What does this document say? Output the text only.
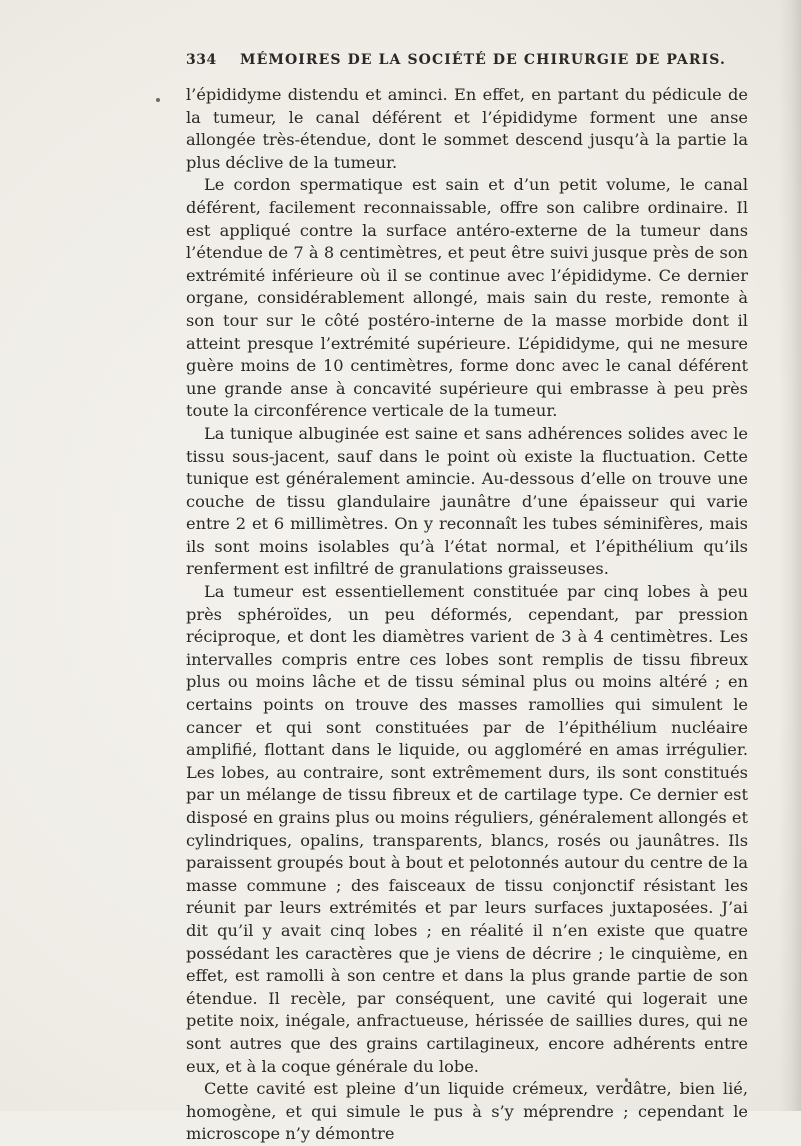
334 MÉMOIRES DE LA SOCIÉTÉ DE CHIRURGIE DE PARIS.

l’épididyme distendu et aminci. En effet, en partant du pédicule de la tumeur, le canal déférent et l’épididyme forment une anse allongée très-étendue, dont le sommet descend jusqu’à la partie la plus déclive de la tumeur.

Le cordon spermatique est sain et d’un petit volume, le canal déférent, facilement reconnaissable, offre son calibre ordinaire. Il est appliqué contre la surface antéro-externe de la tumeur dans l’étendue de 7 à 8 centimètres, et peut être suivi jusque près de son extrémité inférieure où il se continue avec l’épididyme. Ce dernier organe, considérablement allongé, mais sain du reste, remonte à son tour sur le côté postéro-interne de la masse morbide dont il atteint presque l’extrémité supérieure. L’épididyme, qui ne mesure guère moins de 10 centimètres, forme donc avec le canal déférent une grande anse à concavité supérieure qui embrasse à peu près toute la circonférence verticale de la tumeur.

La tunique albuginée est saine et sans adhérences solides avec le tissu sous-jacent, sauf dans le point où existe la fluctuation. Cette tunique est généralement amincie. Au-dessous d’elle on trouve une couche de tissu glandulaire jaunâtre d’une épaisseur qui varie entre 2 et 6 millimètres. On y reconnaît les tubes séminifères, mais ils sont moins isolables qu’à l’état normal, et l’épithélium qu’ils renferment est infiltré de granulations graisseuses.

La tumeur est essentiellement constituée par cinq lobes à peu près sphéroïdes, un peu déformés, cependant, par pression réciproque, et dont les diamètres varient de 3 à 4 centimètres. Les intervalles compris entre ces lobes sont remplis de tissu fibreux plus ou moins lâche et de tissu séminal plus ou moins altéré ; en certains points on trouve des masses ramollies qui simulent le cancer et qui sont constituées par de l’épithélium nucléaire amplifié, flottant dans le liquide, ou aggloméré en amas irrégulier. Les lobes, au contraire, sont extrêmement durs, ils sont constitués par un mélange de tissu fibreux et de cartilage type. Ce dernier est disposé en grains plus ou moins réguliers, généralement allongés et cylindriques, opalins, transparents, blancs, rosés ou jaunâtres. Ils paraissent groupés bout à bout et pelotonnés autour du centre de la masse commune ; des faisceaux de tissu conjonctif résistant les réunit par leurs extrémités et par leurs surfaces juxtaposées. J’ai dit qu’il y avait cinq lobes ; en réalité il n’en existe que quatre possédant les caractères que je viens de décrire ; le cinquième, en effet, est ramolli à son centre et dans la plus grande partie de son étendue. Il recèle, par conséquent, une cavité qui logerait une petite noix, inégale, anfractueuse, hérissée de saillies dures, qui ne sont autres que des grains cartilagineux, encore adhérents entre eux, et à la coque générale du lobe.

Cette cavité est pleine d’un liquide crémeux, verdâtre, bien lié, homogène, et qui simule le pus à s’y méprendre ; cependant le microscope n’y démontre
